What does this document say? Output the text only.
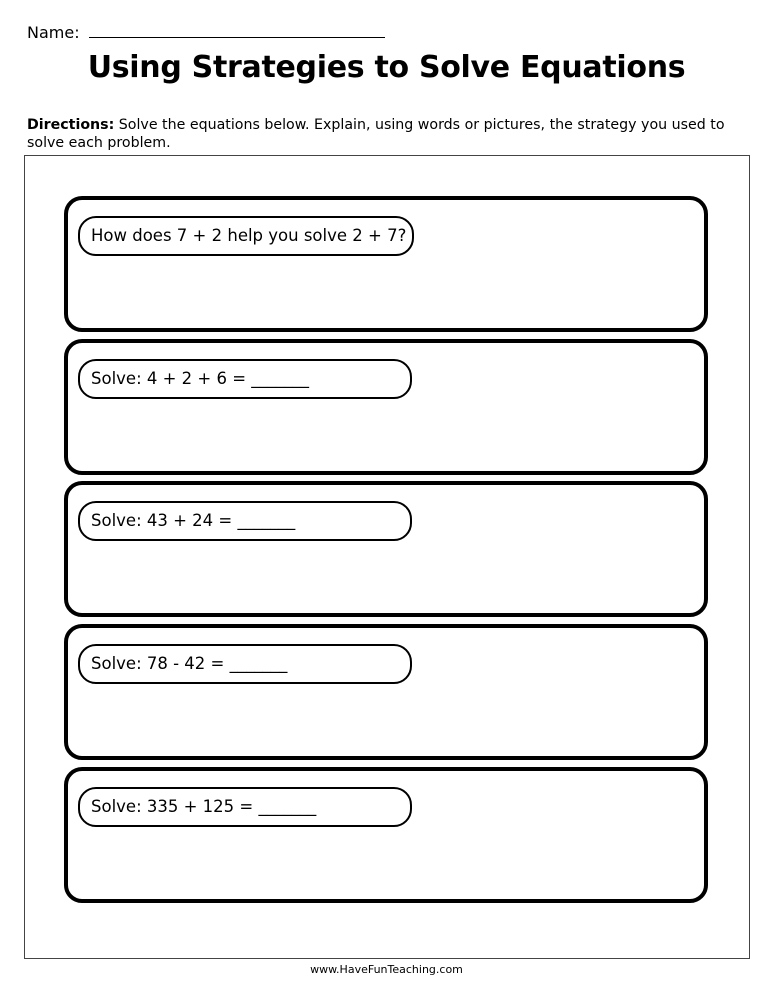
Name:
Using Strategies to Solve Equations

Directions: Solve the equations below. Explain, using words or pictures, the strategy you used to solve each problem.

How does 7 + 2 help you solve 2 + 7?
Solve: 4 + 2 + 6 = _______
Solve: 43 + 24 = _______
Solve: 78 - 42 = _______
Solve: 335 + 125 = _______
www.HaveFunTeaching.com
